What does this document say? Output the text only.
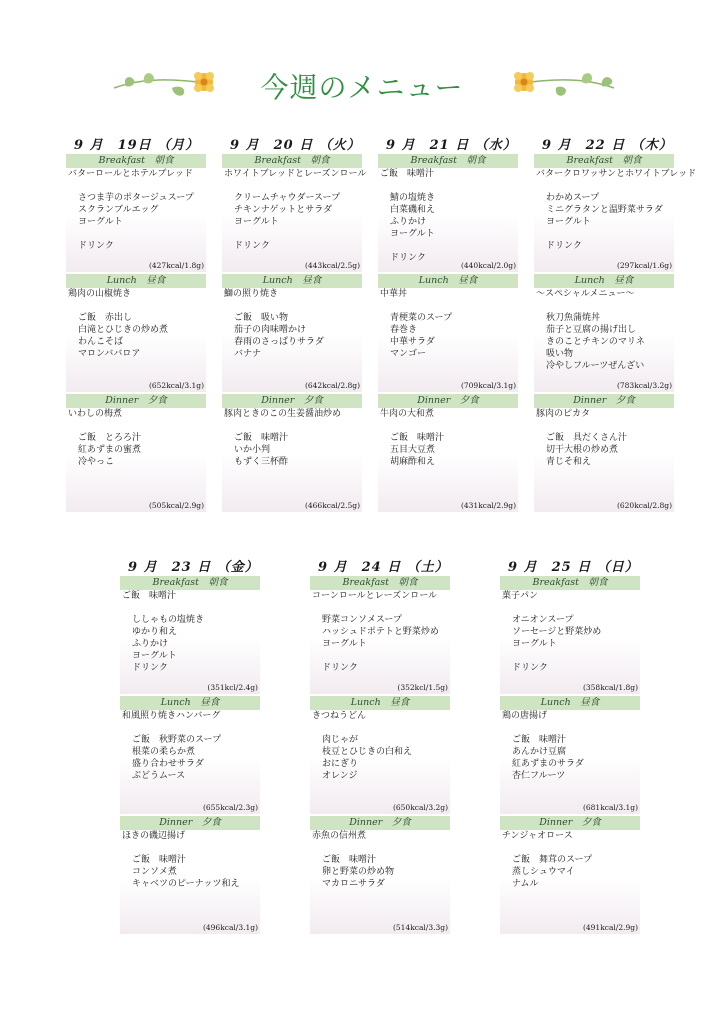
今週のメニュー
9 月　19日 （月）
Breakfast　朝食
バターロールとホテルブレッド
さつま芋のポタージュスープ
スクランブルエッグ
ヨーグルト
ドリンク
(427kcal/1.8g)
Lunch　昼食
鶏肉の山椒焼き
ご飯　赤出し
白滝とひじきの炒め煮
わんこそば
マロンババロア
(652kcal/3.1g)
Dinner　夕食
いわしの梅煮
ご飯　とろろ汁
紅あずまの蜜煮
冷やっこ
(505kcal/2.9g)
9 月　20 日 （火）
Breakfast　朝食
ホワイトブレッドとレーズンロール
クリームチャウダースープ
チキンナゲットとサラダ
ヨーグルト
ドリンク
(443kcal/2.5g)
Lunch　昼食
鰤の照り焼き
ご飯　吸い物
茄子の肉味噌かけ
春雨のさっぱりサラダ
バナナ
(642kcal/2.8g)
Dinner　夕食
豚肉ときのこの生姜醤油炒め
ご飯　味噌汁
いか小判
もずく三杯酢
(466kcal/2.5g)
9 月　21 日 （水）
Breakfast　朝食
ご飯　味噌汁
鯖の塩焼き
白菜磯和え
ふりかけ
ヨーグルト
ドリンク
(440kcal/2.0g)
Lunch　昼食
中華丼
青梗菜のスープ
春巻き
中華サラダ
マンゴー
(709kcal/3.1g)
Dinner　夕食
牛肉の大和煮
ご飯　味噌汁
五目大豆煮
胡麻酢和え
(431kcal/2.9g)
9 月　22 日 （木）
Breakfast　朝食
バタークロワッサンとホワイトブレッド
わかめスープ
ミニグラタンと温野菜サラダ
ヨーグルト
ドリンク
(297kcal/1.6g)
Lunch　昼食
～スペシャルメニュー～
秋刀魚蒲焼丼
茄子と豆腐の揚げ出し
きのことチキンのマリネ
吸い物
冷やしフルーツぜんざい
(783kcal/3.2g)
Dinner　夕食
豚肉のピカタ
ご飯　具だくさん汁
切干大根の炒め煮
青じそ和え
(620kcal/2.8g)
9 月　23 日 （金）
Breakfast　朝食
ご飯　味噌汁
ししゃもの塩焼き
ゆかり和え
ふりかけ
ヨーグルト
ドリンク
(351kcl/2.4g)
Lunch　昼食
和風照り焼きハンバーグ
ご飯　秋野菜のスープ
根菜の柔らか煮
盛り合わせサラダ
ぶどうムース
(655kcal/2.3g)
Dinner　夕食
ほきの磯辺揚げ
ご飯　味噌汁
コンソメ煮
キャベツのピーナッツ和え
(496kcal/3.1g)
9 月　24 日 （土）
Breakfast　朝食
コーンロールとレーズンロール
野菜コンソメスープ
ハッシュドポテトと野菜炒め
ヨーグルト
ドリンク
(352kcl/1.5g)
Lunch　昼食
きつねうどん
肉じゃが
枝豆とひじきの白和え
おにぎり
オレンジ
(650kcal/3.2g)
Dinner　夕食
赤魚の信州煮
ご飯　味噌汁
卵と野菜の炒め物
マカロニサラダ
(514kcal/3.3g)
9 月　25 日 （日）
Breakfast　朝食
菓子パン
オニオンスープ
ソーセージと野菜炒め
ヨーグルト
ドリンク
(358kcal/1.8g)
Lunch　昼食
鶏の唐揚げ
ご飯　味噌汁
あんかけ豆腐
紅あずまのサラダ
杏仁フルーツ
(681kcal/3.1g)
Dinner　夕食
チンジャオロース
ご飯　舞茸のスープ
蒸しシュウマイ
ナムル
(491kcal/2.9g)
